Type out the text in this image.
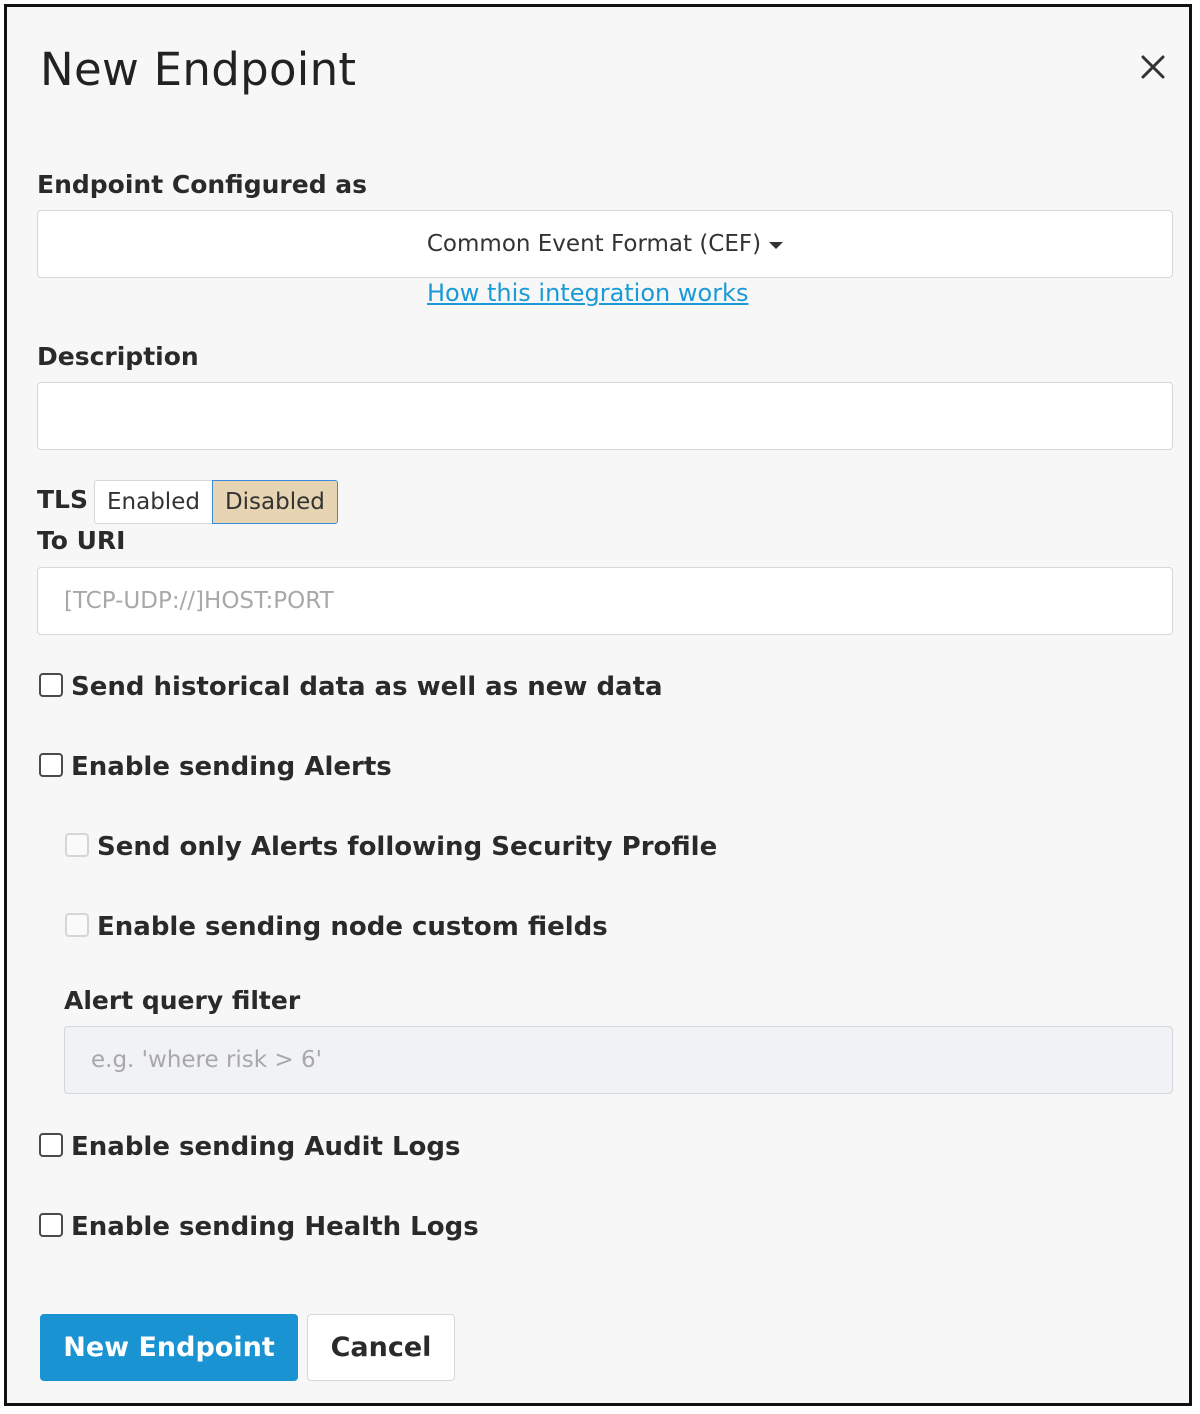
New Endpoint
Endpoint Configured as
Common Event Format (CEF)
How this integration works
Description
TLS Enabled	Disabled
To URI
[TCP-UDP://]HOST:PORT
Send historical data as well as new data
Enable sending Alerts
Send only Alerts following Security Profile
Enable sending node custom fields
Alert query filter
e.g. 'where risk > 6'
Enable sending Audit Logs
Enable sending Health Logs
New Endpoint	Cancel
